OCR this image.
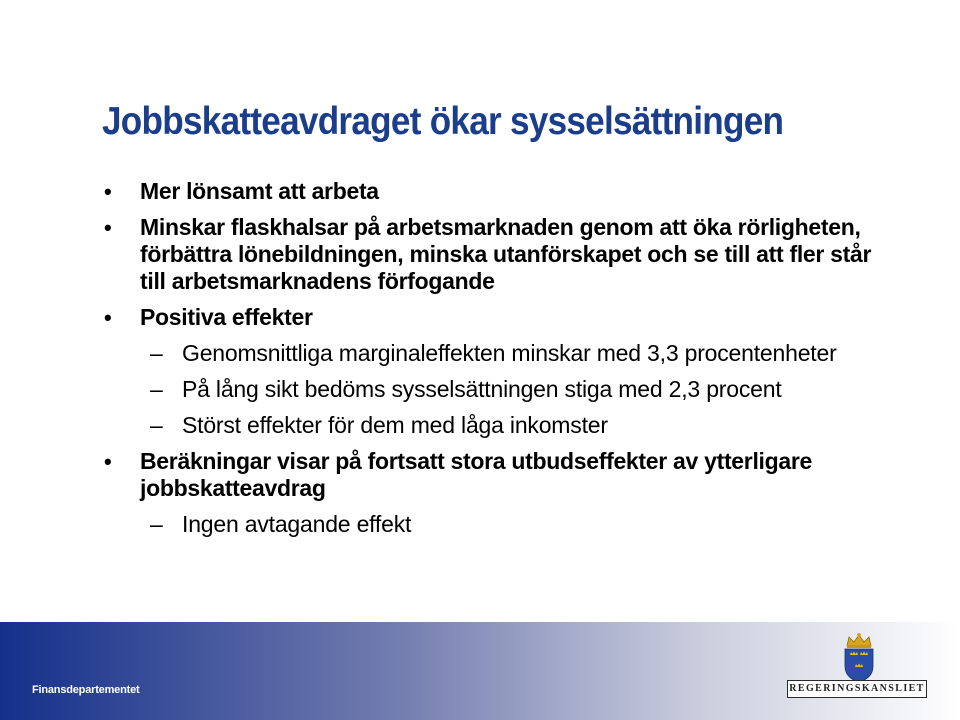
Jobbskatteavdraget ökar sysselsättningen
• Mer lönsamt att arbeta
• Minskar flaskhalsar på arbetsmarknaden genom att öka rörligheten, förbättra lönebildningen, minska utanförskapet och se till att fler står till arbetsmarknadens förfogande
• Positiva effekter
– Genomsnittliga marginaleffekten minskar med 3,3 procentenheter
– På lång sikt bedöms sysselsättningen stiga med 2,3 procent
– Störst effekter för dem med låga inkomster
• Beräkningar visar på fortsatt stora utbudseffekter av ytterligare jobbskatteavdrag
– Ingen avtagande effekt
Finansdepartementet	REGERINGSKANSLIET
